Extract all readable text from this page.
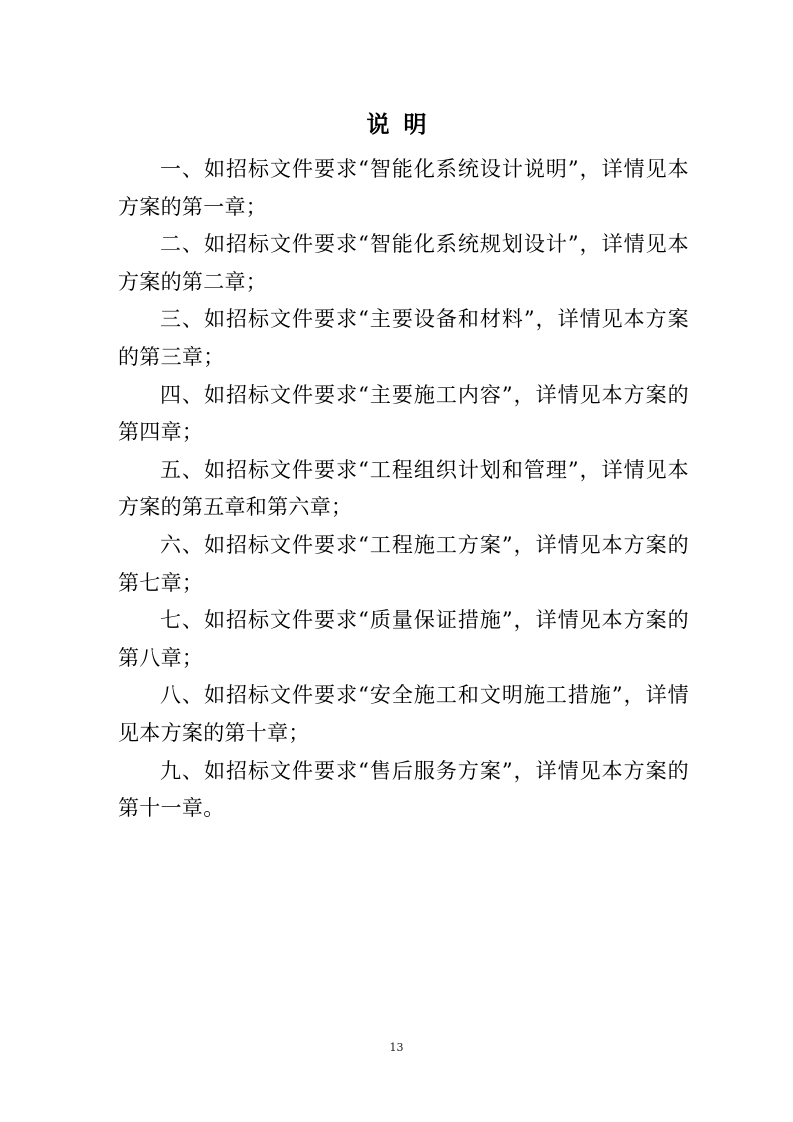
说明

一、如招标文件要求“智能化系统设计说明”，详情见本方案的第一章；

二、如招标文件要求“智能化系统规划设计”，详情见本方案的第二章；

三、如招标文件要求“主要设备和材料”，详情见本方案的第三章；

四、如招标文件要求“主要施工内容”，详情见本方案的第四章；

五、如招标文件要求“工程组织计划和管理”，详情见本方案的第五章和第六章；

六、如招标文件要求“工程施工方案”，详情见本方案的第七章；

七、如招标文件要求“质量保证措施”，详情见本方案的第八章；

八、如招标文件要求“安全施工和文明施工措施”，详情见本方案的第十章；

九、如招标文件要求“售后服务方案”，详情见本方案的第十一章。

13
